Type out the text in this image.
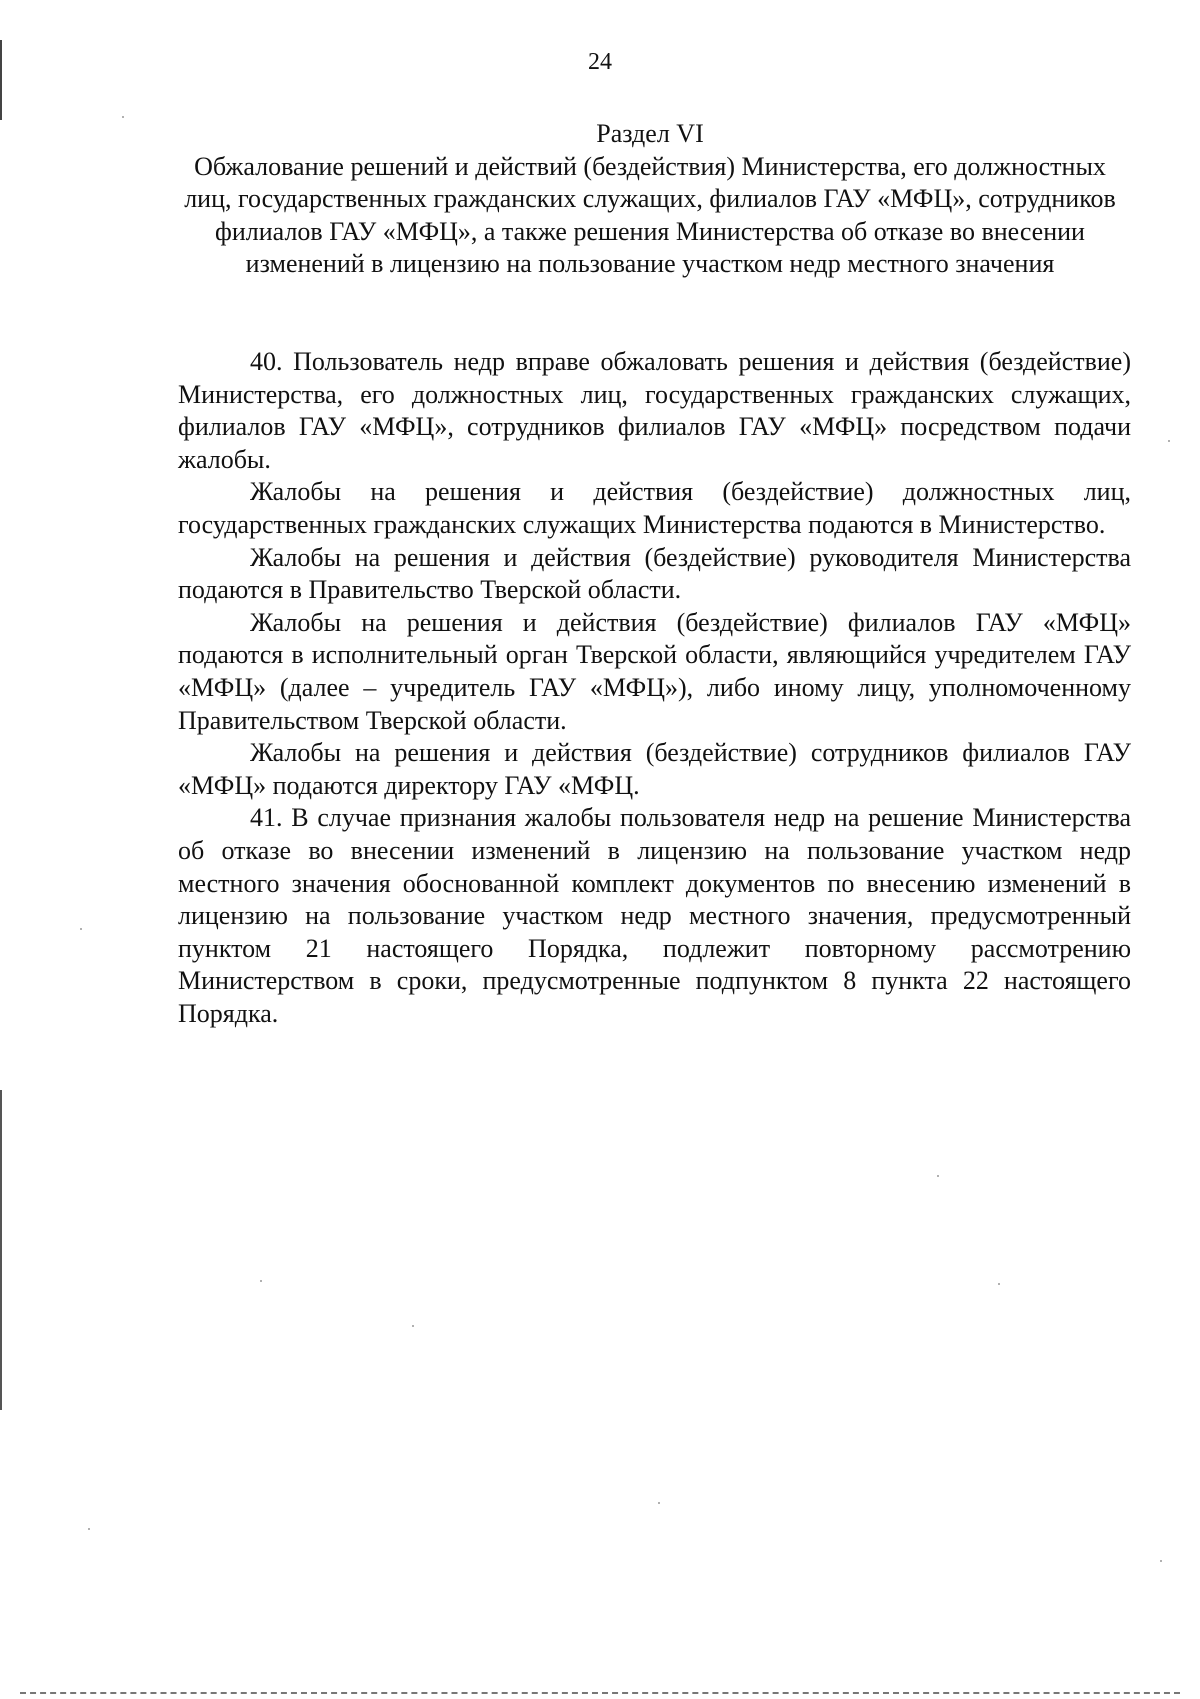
24
Раздел VI
Обжалование решений и действий (бездействия) Министерства, его должностных лиц, государственных гражданских служащих, филиалов ГАУ «МФЦ», сотрудников филиалов ГАУ «МФЦ», а также решения Министерства об отказе во внесении изменений в лицензию на пользование участком недр местного значения

40. Пользователь недр вправе обжаловать решения и действия (бездействие) Министерства, его должностных лиц, государственных гражданских служащих, филиалов ГАУ «МФЦ», сотрудников филиалов ГАУ «МФЦ» посредством подачи жалобы.

Жалобы на решения и действия (бездействие) должностных лиц, государственных гражданских служащих Министерства подаются в Министерство.

Жалобы на решения и действия (бездействие) руководителя Министерства подаются в Правительство Тверской области.

Жалобы на решения и действия (бездействие) филиалов ГАУ «МФЦ» подаются в исполнительный орган Тверской области, являющийся учредителем ГАУ «МФЦ» (далее – учредитель ГАУ «МФЦ»), либо иному лицу, уполномоченному Правительством Тверской области.

Жалобы на решения и действия (бездействие) сотрудников филиалов ГАУ «МФЦ» подаются директору ГАУ «МФЦ.

41. В случае признания жалобы пользователя недр на решение Министерства об отказе во внесении изменений в лицензию на пользование участком недр местного значения обоснованной комплект документов по внесению изменений в лицензию на пользование участком недр местного значения, предусмотренный пунктом 21 настоящего Порядка, подлежит повторному рассмотрению Министерством в сроки, предусмотренные подпунктом 8 пункта 22 настоящего Порядка.
